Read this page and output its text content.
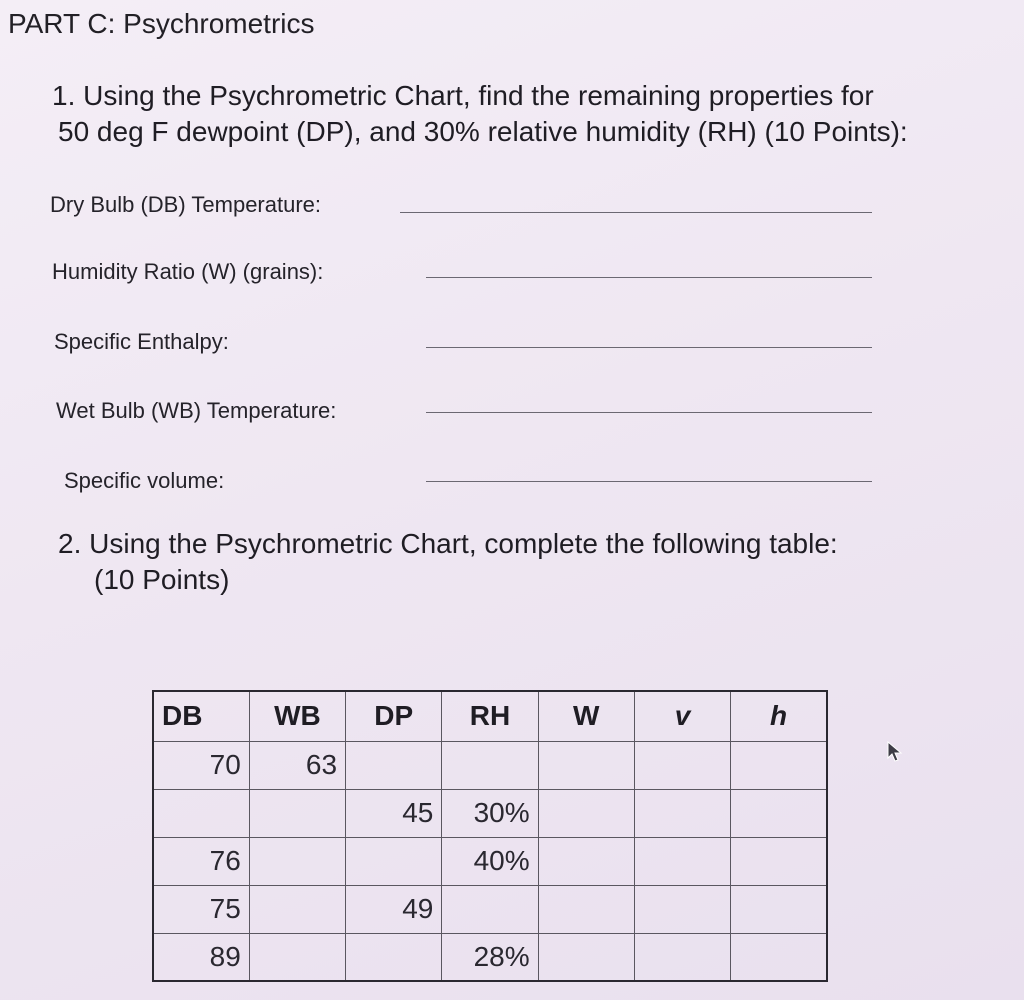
PART C: Psychrometrics
1. Using the Psychrometric Chart, find the remaining properties for
50 deg F dewpoint (DP), and 30% relative humidity (RH) (10 Points):
Dry Bulb (DB) Temperature:
Humidity Ratio (W) (grains):
Specific Enthalpy:
Wet Bulb (WB) Temperature:
Specific volume:
2. Using the Psychrometric Chart, complete the following table:
(10 Points)
DB	WB	DP	RH	W	v	h
70	63					
		45	30%			
76			40%			
75		49				
89			28%			
